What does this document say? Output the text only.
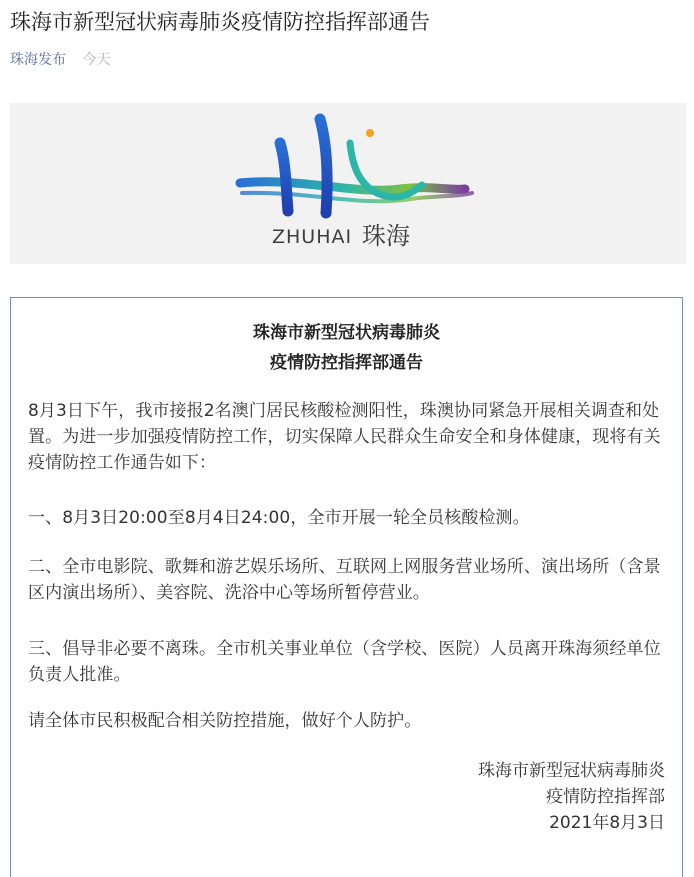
珠海市新型冠状病毒肺炎疫情防控指挥部通告
珠海发布 今天
ZHUHAI 珠海
珠海市新型冠状病毒肺炎
疫情防控指挥部通告

8月3日下午，我市接报2名澳门居民核酸检测阳性，珠澳协同紧急开展相关调查和处置。为进一步加强疫情防控工作，切实保障人民群众生命安全和身体健康，现将有关疫情防控工作通告如下：

一、8月3日20:00至8月4日24:00，全市开展一轮全员核酸检测。

二、全市电影院、歌舞和游艺娱乐场所、互联网上网服务营业场所、演出场所（含景区内演出场所）、美容院、洗浴中心等场所暂停营业。

三、倡导非必要不离珠。全市机关事业单位（含学校、医院）人员离开珠海须经单位负责人批准。

请全体市民积极配合相关防控措施，做好个人防护。

珠海市新型冠状病毒肺炎
疫情防控指挥部
2021年8月3日
